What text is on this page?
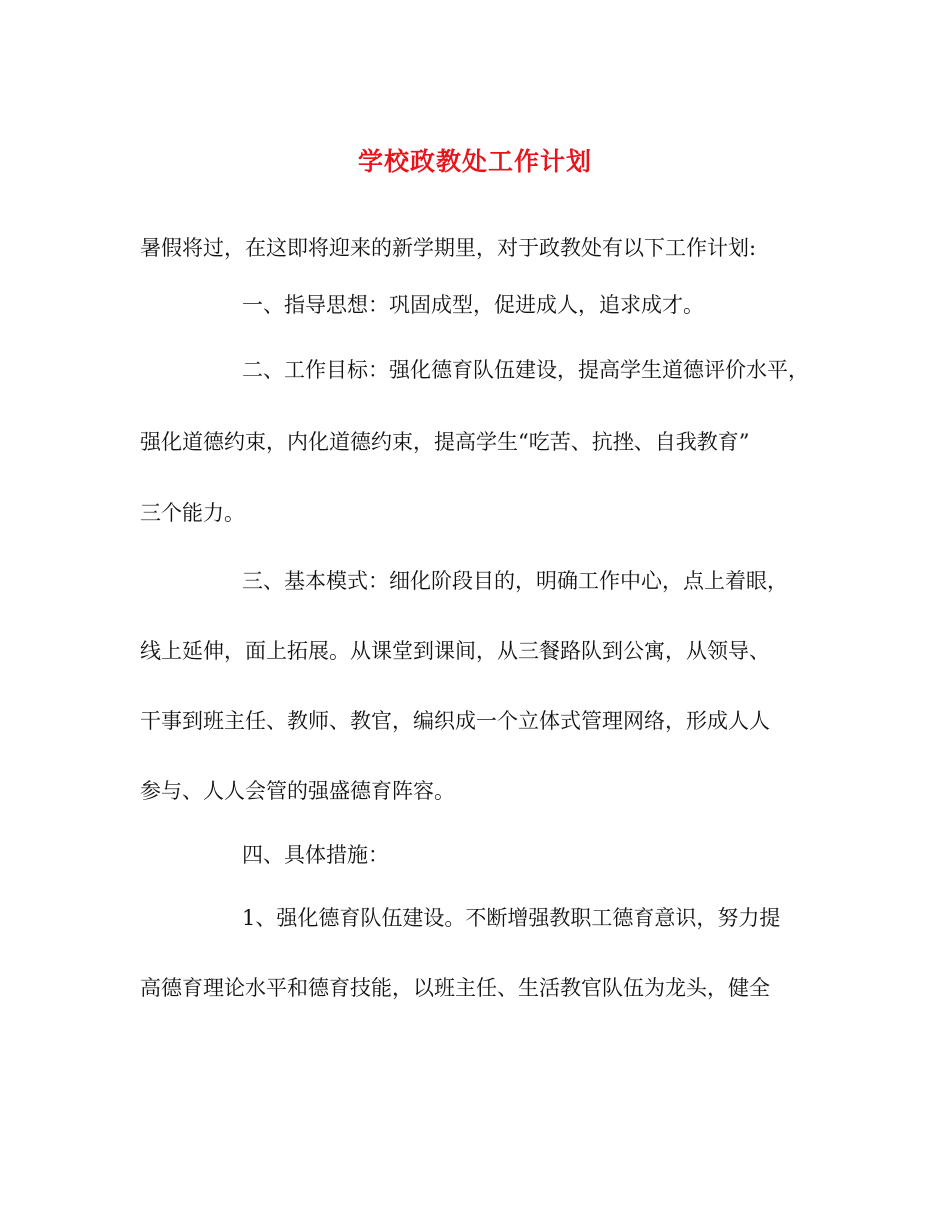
学校政教处工作计划
暑假将过，在这即将迎来的新学期里，对于政教处有以下工作计划:
一、指导思想：巩固成型，促进成人，追求成才。
二、工作目标：强化德育队伍建设，提高学生道德评价水平，
强化道德约束，内化道德约束，提高学生“吃苦、抗挫、自我教育”
三个能力。
三、基本模式：细化阶段目的，明确工作中心，点上着眼，
线上延伸，面上拓展。从课堂到课间，从三餐路队到公寓，从领导、
干事到班主任、教师、教官，编织成一个立体式管理网络，形成人人
参与、人人会管的强盛德育阵容。
四、具体措施：
1、强化德育队伍建设。不断增强教职工德育意识，努力提
高德育理论水平和德育技能，以班主任、生活教官队伍为龙头，健全
